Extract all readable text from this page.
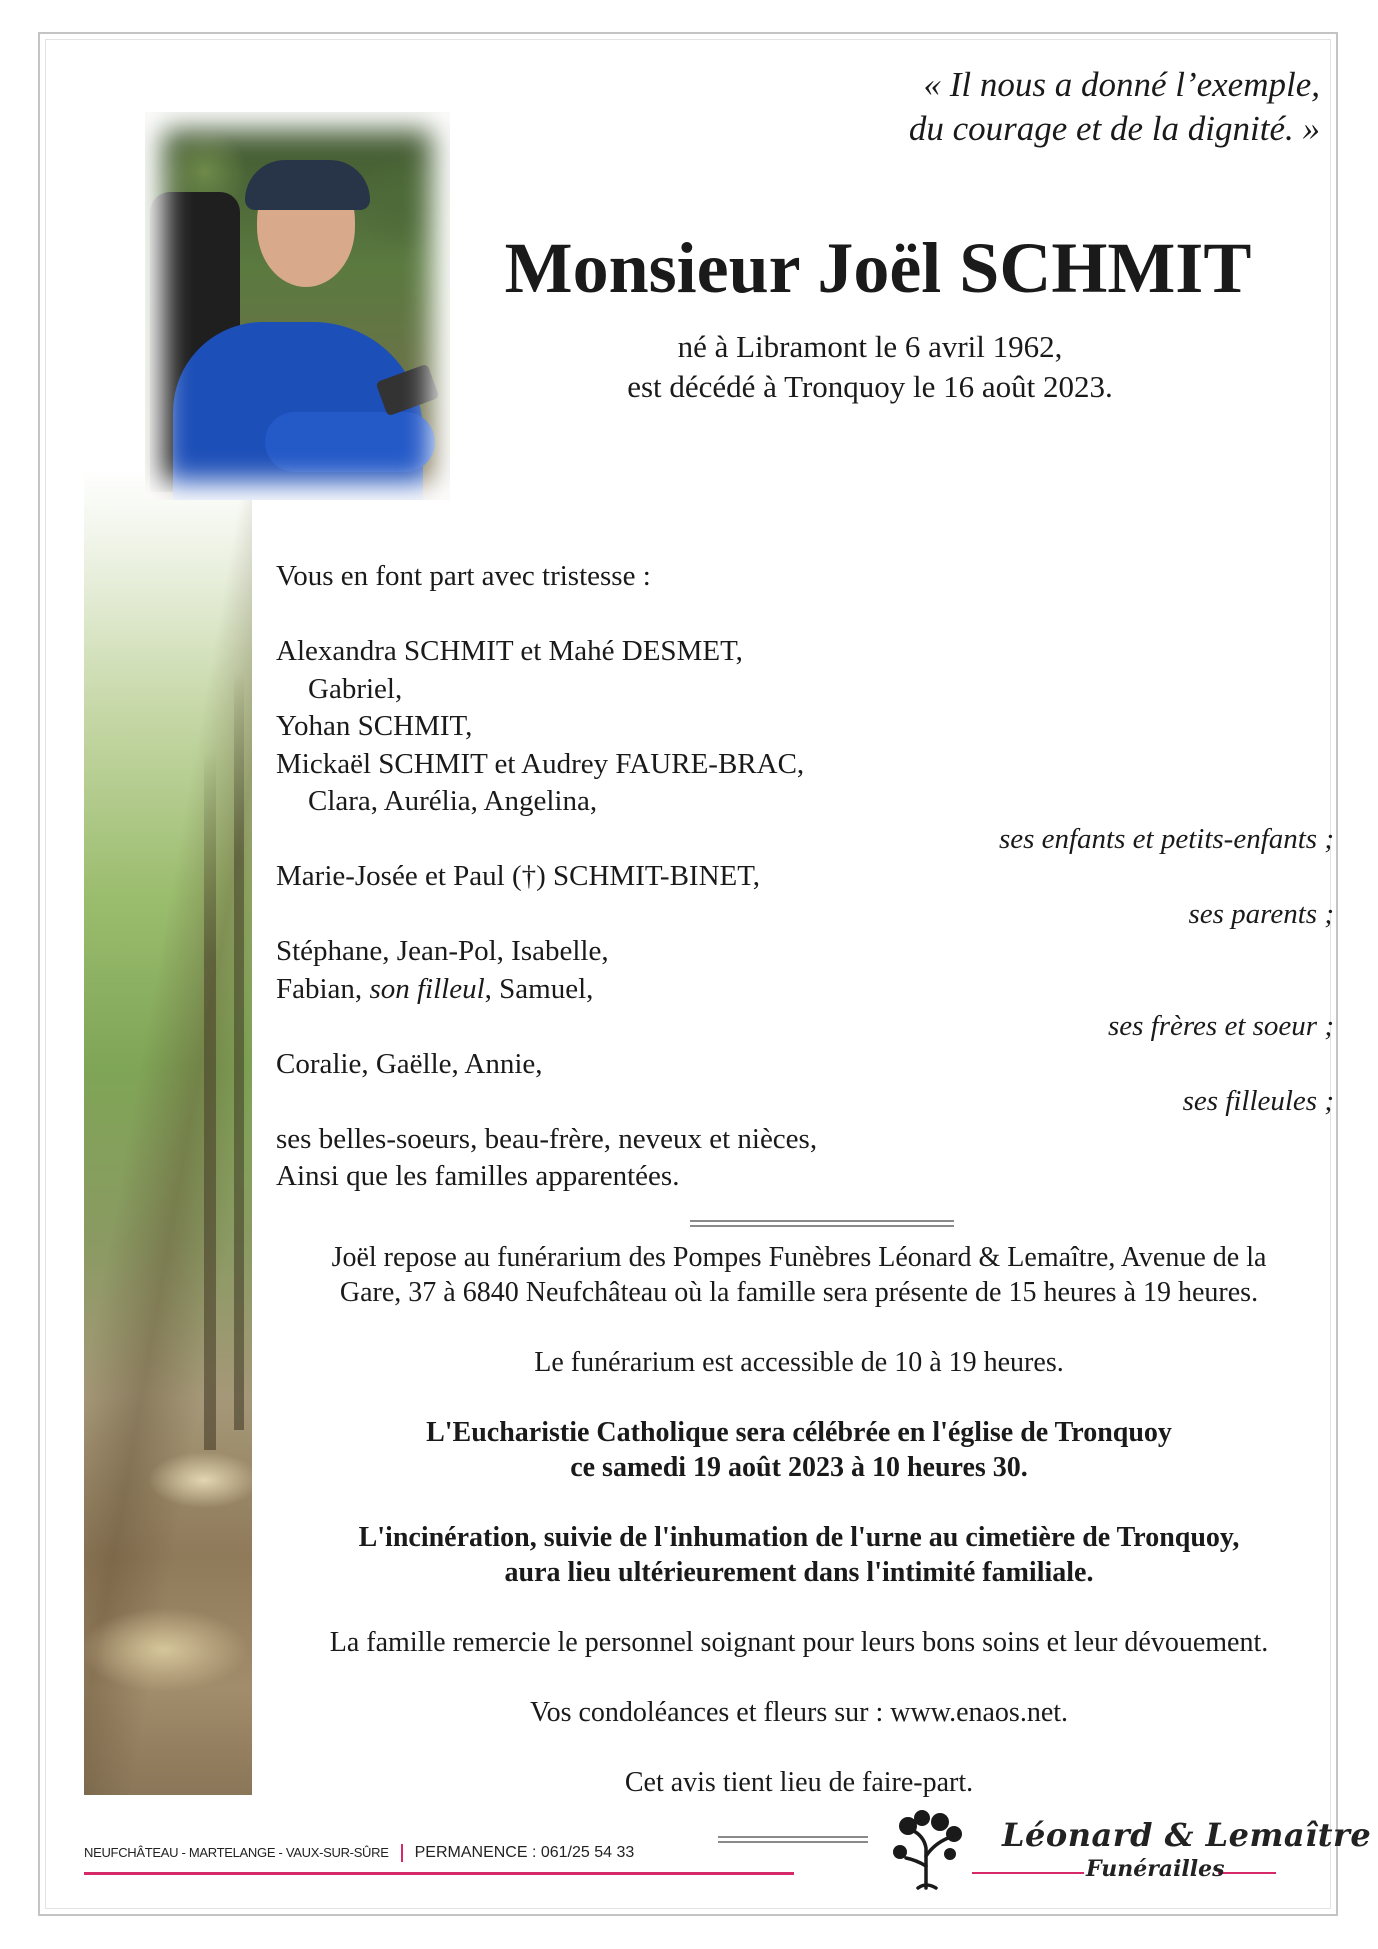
« Il nous a donné l’exemple,
du courage et de la dignité. »
Monsieur Joël SCHMIT
né à Libramont le 6 avril 1962,
est décédé à Tronquoy le 16 août 2023.
Vous en font part avec tristesse :
Alexandra SCHMIT et Mahé DESMET,
Gabriel,
Yohan SCHMIT,
Mickaël SCHMIT et Audrey FAURE-BRAC,
Clara, Aurélia, Angelina,
ses enfants et petits-enfants ;
Marie-Josée et Paul (†) SCHMIT-BINET,
ses parents ;
Stéphane, Jean-Pol, Isabelle,
Fabian, son filleul, Samuel,
ses frères et soeur ;
Coralie, Gaëlle, Annie,
ses filleules ;
ses belles-soeurs, beau-frère, neveux et nièces,
Ainsi que les familles apparentées.

Joël repose au funérarium des Pompes Funèbres Léonard & Lemaître, Avenue de la

Gare, 37 à 6840 Neufchâteau où la famille sera présente de 15 heures à 19 heures.

Le funérarium est accessible de 10 à 19 heures.

L'Eucharistie Catholique sera célébrée en l'église de Tronquoy

ce samedi 19 août 2023 à 10 heures 30.

L'incinération, suivie de l'inhumation de l'urne au cimetière de Tronquoy,

aura lieu ultérieurement dans l'intimité familiale.

La famille remercie le personnel soignant pour leurs bons soins et leur dévouement.

Vos condoléances et fleurs sur : www.enaos.net.

Cet avis tient lieu de faire-part.

NEUFCHÂTEAU - MARTELANGE - VAUX-SUR-SÛRE PERMANENCE : 061/25 54 33	Léonard & Lemaître
Funérailles
